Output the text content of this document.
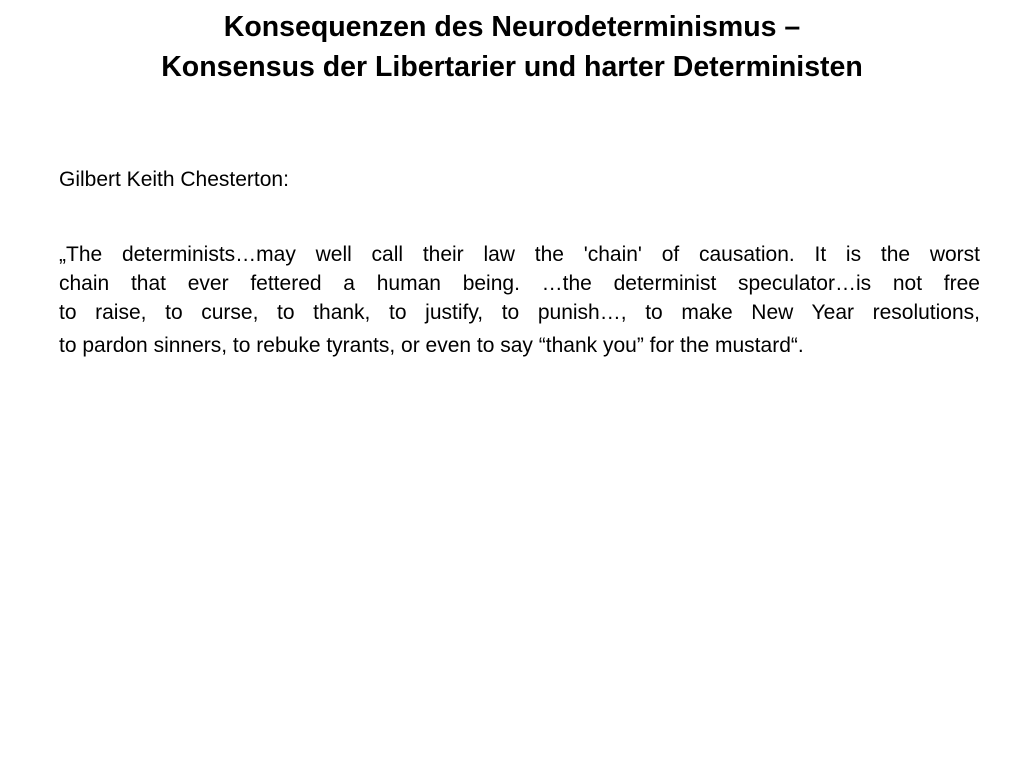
Konsequenzen des Neurodeterminismus –
Konsensus der Libertarier und harter Deterministen

Gilbert Keith Chesterton:

„The determinists…may well call their law the 'chain' of causation. It is the worst
chain that ever fettered a human being. …the determinist speculator…is not free
to raise, to curse, to thank, to justify, to punish…, to make New Year resolutions,
to pardon sinners, to rebuke tyrants, or even to say “thank you” for the mustard“.
